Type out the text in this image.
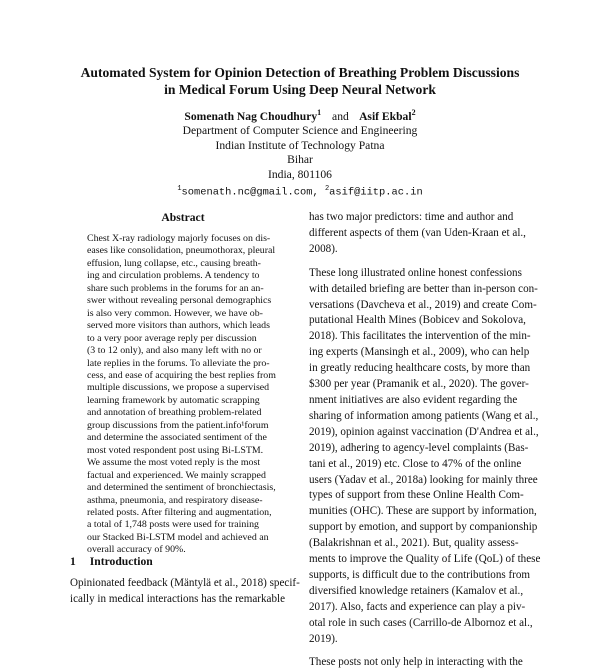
Automated System for Opinion Detection of Breathing Problem Discussions
in Medical Forum Using Deep Neural Network
Somenath Nag Choudhury$^1$ and Asif Ekbal$^2$
Department of Computer Science and Engineering
Indian Institute of Technology Patna
Bihar
India, 801106
$^1$somenath.nc@gmail.com, $^2$asif@iitp.ac.in
Abstract
Chest X-ray radiology majorly focuses on dis-
eases like consolidation, pneumothorax, pleural
effusion, lung collapse, etc., causing breath-
ing and circulation problems. A tendency to
share such problems in the forums for an an-
swer without revealing personal demographics
is also very common. However, we have ob-
served more visitors than authors, which leads
to a very poor average reply per discussion
(3 to 12 only), and also many left with no or
late replies in the forums. To alleviate the pro-
cess, and ease of acquiring the best replies from
multiple discussions, we propose a supervised
learning framework by automatic scrapping
and annotation of breathing problem-related
group discussions from the patient.info¹forum
and determine the associated sentiment of the
most voted respondent post using Bi-LSTM.
We assume the most voted reply is the most
factual and experienced. We mainly scrapped
and determined the sentiment of bronchiectasis,
asthma, pneumonia, and respiratory disease-
related posts. After filtering and augmentation,
a total of 1,748 posts were used for training
our Stacked Bi-LSTM model and achieved an
overall accuracy of 90%.
1 Introduction
Opinionated feedback (Mäntylä et al., 2018) specif-
ically in medical interactions has the remarkable
has two major predictors: time and author and
different aspects of them (van Uden-Kraan et al.,
2008).
These long illustrated online honest confessions
with detailed briefing are better than in-person con-
versations (Davcheva et al., 2019) and create Com-
putational Health Mines (Bobicev and Sokolova,
2018). This facilitates the intervention of the min-
ing experts (Mansingh et al., 2009), who can help
in greatly reducing healthcare costs, by more than
$300 per year (Pramanik et al., 2020). The gover-
nment initiatives are also evident regarding the
sharing of information among patients (Wang et al.,
2019), opinion against vaccination (D'Andrea et al.,
2019), adhering to agency-level complaints (Bas-
tani et al., 2019) etc. Close to 47% of the online
users (Yadav et al., 2018a) looking for mainly three
types of support from these Online Health Com-
munities (OHC). These are support by information,
support by emotion, and support by companionship
(Balakrishnan et al., 2021). But, quality assess-
ments to improve the Quality of Life (QoL) of these
supports, is difficult due to the contributions from
diversified knowledge retainers (Kamalov et al.,
2017). Also, facts and experience can play a piv-
otal role in such cases (Carrillo-de Albornoz et al.,
2019).
These posts not only help in interacting with the
